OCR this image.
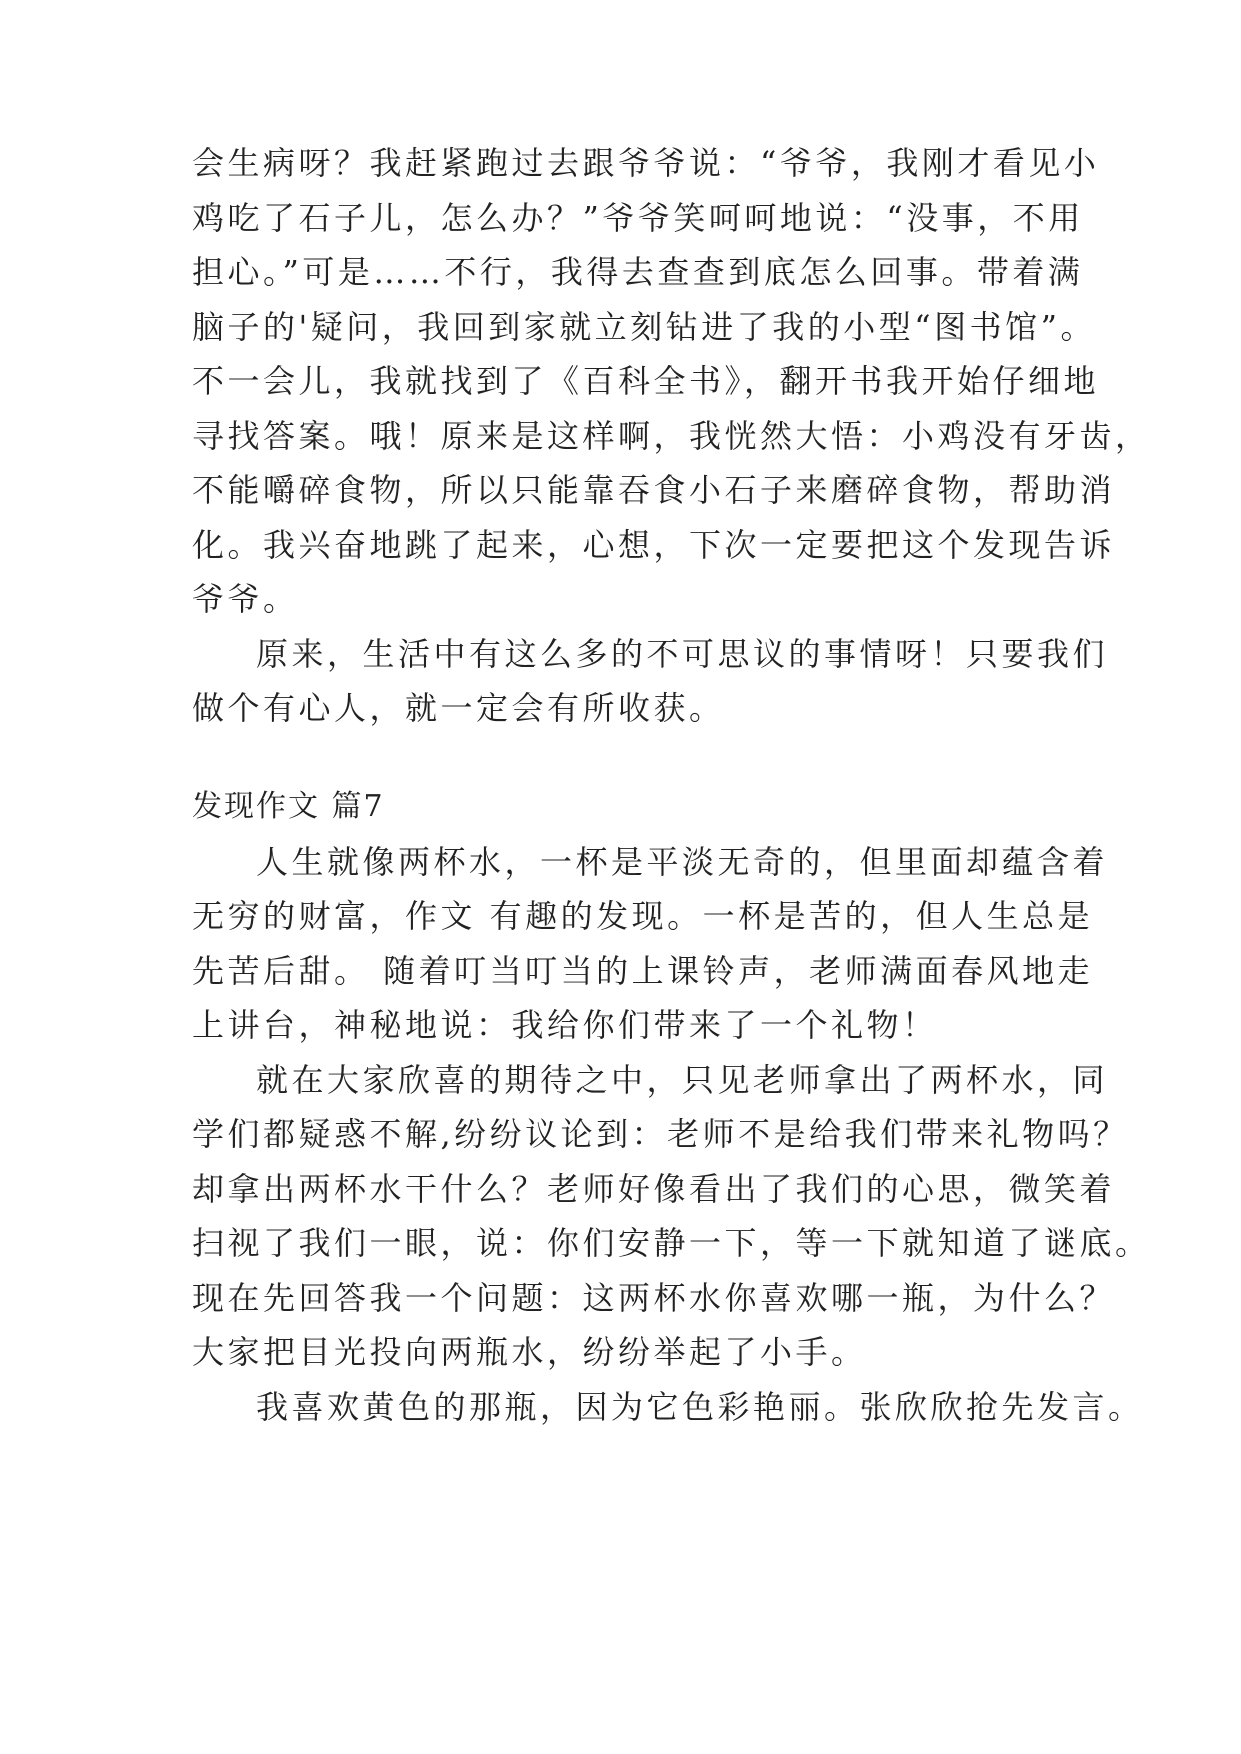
会生病呀？我赶紧跑过去跟爷爷说：“爷爷，我刚才看见小
鸡吃了石子儿，怎么办？”爷爷笑呵呵地说：“没事，不用
担心。”可是……不行，我得去查查到底怎么回事。带着满
脑子的'疑问，我回到家就立刻钻进了我的小型“图书馆”。
不一会儿，我就找到了《百科全书》，翻开书我开始仔细地
寻找答案。哦！原来是这样啊，我恍然大悟：小鸡没有牙齿，
不能嚼碎食物，所以只能靠吞食小石子来磨碎食物，帮助消
化。我兴奋地跳了起来，心想，下次一定要把这个发现告诉
爷爷。
原来，生活中有这么多的不可思议的事情呀！只要我们
做个有心人，就一定会有所收获。
发现作文 篇7
人生就像两杯水，一杯是平淡无奇的，但里面却蕴含着
无穷的财富，作文 有趣的发现。一杯是苦的，但人生总是
先苦后甜。 随着叮当叮当的上课铃声，老师满面春风地走
上讲台，神秘地说：我给你们带来了一个礼物！
就在大家欣喜的期待之中，只见老师拿出了两杯水，同
学们都疑惑不解,纷纷议论到：老师不是给我们带来礼物吗？
却拿出两杯水干什么？老师好像看出了我们的心思，微笑着
扫视了我们一眼，说：你们安静一下，等一下就知道了谜底。
现在先回答我一个问题：这两杯水你喜欢哪一瓶，为什么？
大家把目光投向两瓶水，纷纷举起了小手。
我喜欢黄色的那瓶，因为它色彩艳丽。张欣欣抢先发言。
